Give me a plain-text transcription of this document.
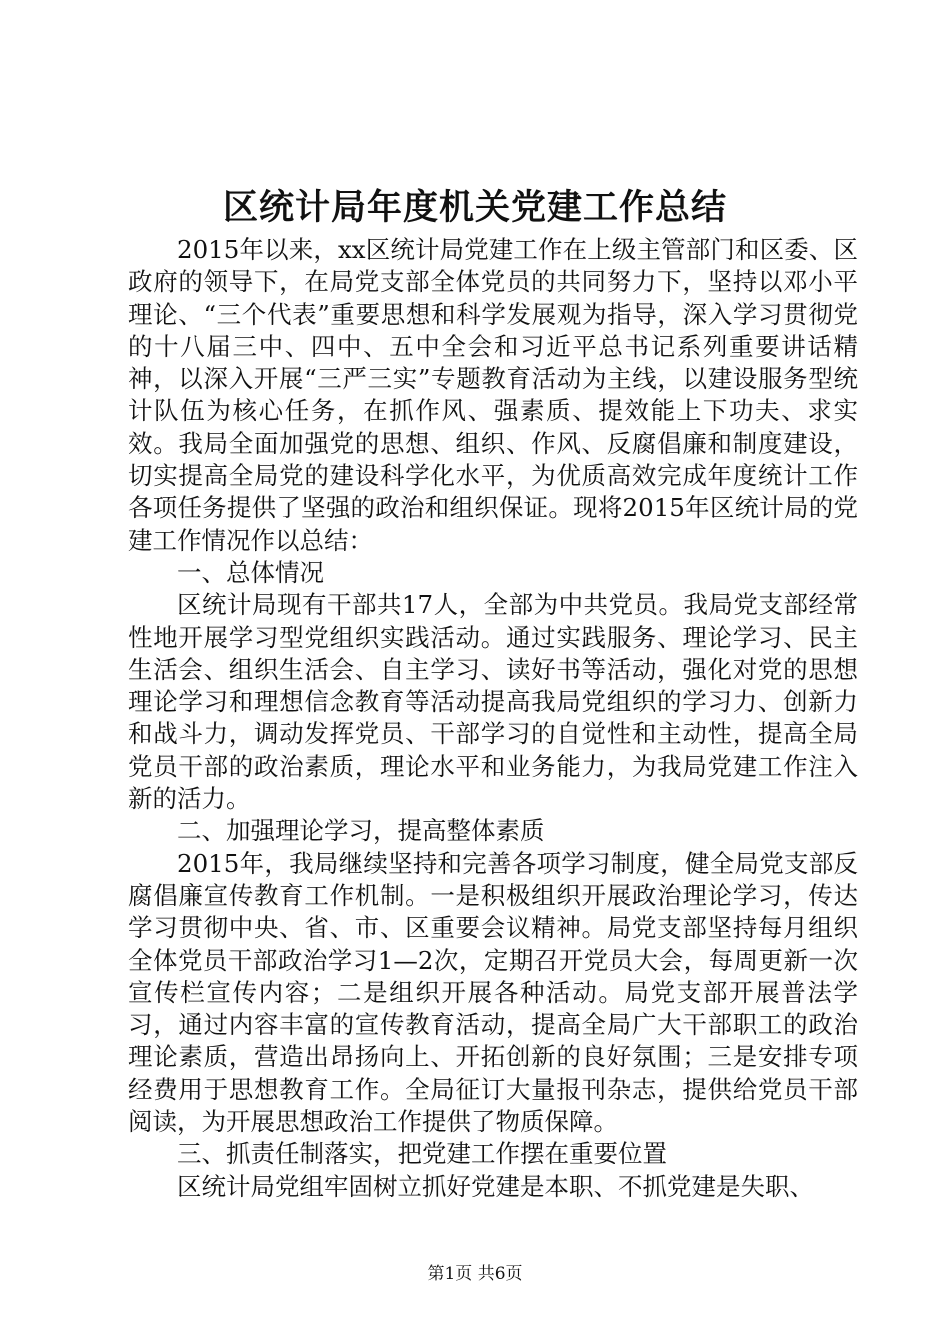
区统计局年度机关党建工作总结

2015年以来，xx区统计局党建工作在上级主管部门和区委、区政府的领导下，在局党支部全体党员的共同努力下，坚持以邓小平理论、“三个代表”重要思想和科学发展观为指导，深入学习贯彻党的十八届三中、四中、五中全会和习近平总书记系列重要讲话精神，以深入开展“三严三实”专题教育活动为主线，以建设服务型统计队伍为核心任务，在抓作风、强素质、提效能上下功夫、求实效。我局全面加强党的思想、组织、作风、反腐倡廉和制度建设，切实提高全局党的建设科学化水平，为优质高效完成年度统计工作各项任务提供了坚强的政治和组织保证。现将2015年区统计局的党建工作情况作以总结：

一、总体情况

区统计局现有干部共17人，全部为中共党员。我局党支部经常性地开展学习型党组织实践活动。通过实践服务、理论学习、民主生活会、组织生活会、自主学习、读好书等活动，强化对党的思想理论学习和理想信念教育等活动提高我局党组织的学习力、创新力和战斗力，调动发挥党员、干部学习的自觉性和主动性，提高全局党员干部的政治素质，理论水平和业务能力，为我局党建工作注入新的活力。

二、加强理论学习，提高整体素质

2015年，我局继续坚持和完善各项学习制度，健全局党支部反腐倡廉宣传教育工作机制。一是积极组织开展政治理论学习，传达学习贯彻中央、省、市、区重要会议精神。局党支部坚持每月组织全体党员干部政治学习1—2次，定期召开党员大会，每周更新一次宣传栏宣传内容；二是组织开展各种活动。局党支部开展普法学习，通过内容丰富的宣传教育活动，提高全局广大干部职工的政治理论素质，营造出昂扬向上、开拓创新的良好氛围；三是安排专项经费用于思想教育工作。全局征订大量报刊杂志，提供给党员干部阅读，为开展思想政治工作提供了物质保障。

三、抓责任制落实，把党建工作摆在重要位置

区统计局党组牢固树立抓好党建是本职、不抓党建是失职、

第1页 共6页
